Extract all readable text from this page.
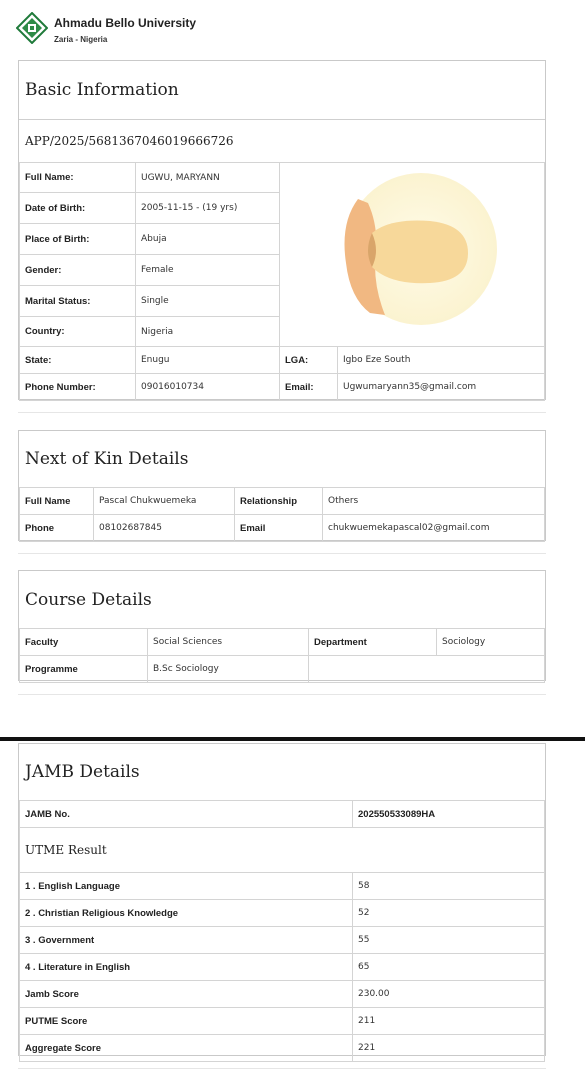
Ahmadu Bello University
Zaria - Nigeria
Basic Information
APP/2025/5681367046019666726
Full Name:	UGWU, MARYANN	

Date of Birth:	2005-11-15 - (19 yrs)		
Place of Birth:	Abuja		
Gender:	Female		
Marital Status:	Single		
Country:	Nigeria		
State:	Enugu	LGA:	Igbo Eze South
Phone Number:	09016010734	Email:	Ugwumaryann35@gmail.com
Next of Kin Details
Full Name	Pascal Chukwuemeka	Relationship	Others
Phone	08102687845	Email	chukwuemekapascal02@gmail.com
Course Details
Faculty	Social Sciences	Department	Sociology
Programme	B.Sc Sociology		
JAMB Details
JAMB No.	202550533089HA
UTME Result	
1 . English Language	58
2 . Christian Religious Knowledge	52
3 . Government	55
4 . Literature in English	65
Jamb Score	230.00
PUTME Score	211
Aggregate Score	221
